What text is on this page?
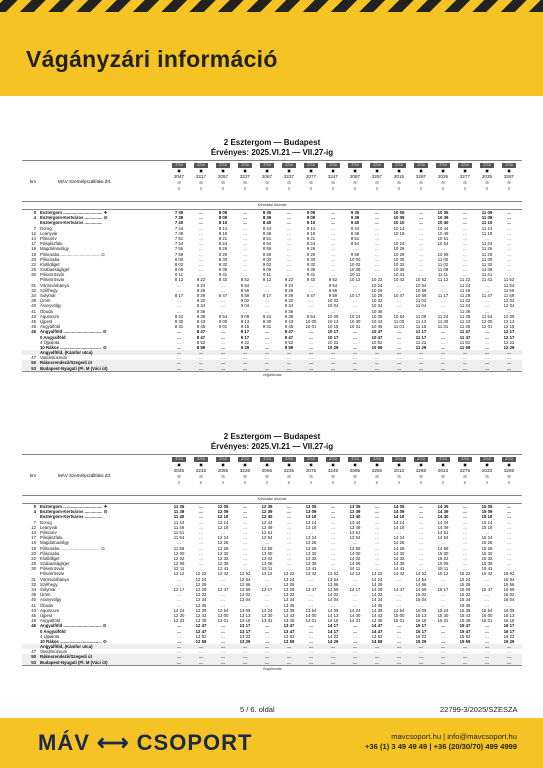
Vágányzári információ
2 Esztergom — Budapest
Érvényes: 2025.VI.21 — VII.27-ig
km	MÁV Személyszállítási Zrt.
2710
◼
2047
⊞
⚲
2710
◼
3217
⊞
⚲
2710
◼
2057
⊞
⚲
2710
◼
3227
⊞
⚲
2710
◼
2067
⊞
⚲
2710
◼
3237
⊞
⚲
2710
◼
2077
⊞
⚲
2710
◼
3247
⊞
⚲
2710
◼
2087
⊞
⚲
2710
◼
3257
⊞
⚲
2710
◼
2015
⊞
⚲
2710
◼
3267
⊞
⚲
2710
◼
2025
⊞
⚲
2710
◼
3277
⊞
⚲
2710
◼
2035
⊞
⚲
2710
◼
3287
⊞
⚲
Kiindulási állomás
0 Esztergom ................................. ✈	7 35	...	8 05	...	8 35	...	9 05	...	9 35	...	10 05	...	10 35	...	11 05	...
4 Esztergom-Kertváros ............... ⊙	7 39	...	8 09	...	8 39	...	9 09	...	9 39	...	10 09	...	10 39	...	11 09	...
Esztergom-Kertváros ...............	7 40	...	8 10	...	8 40	...	9 10	...	9 40	...	10 10	...	10 40	...	11 10	...
7 Dorog	7 44	...	8 14	...	8 44	...	9 14	...	9 44	...	10 14	...	10 44	...	11 14	...
12 Leányvár	7 49	...	8 19	...	8 49	...	9 19	...	9 49	...	10 19	...	10 49	...	11 19	...
14 Piliscsév	7 51	...	8 21	...	8 51	...	9 21	...	9 51	...	...	...	10 51	...	...	...
17 Pilisjászfalu	7 54	...	8 24	...	8 54	...	9 24	...	9 54	...	10 24	...	10 54	...	11 24	...
19 Magdolnavölgy	7 56	...	8 26	...	8 56	...	9 26	...	...	...	10 26	...	...	...	11 26	...
19 Piliscsaba ................................. ⊙	7 59	...	8 29	...	8 59	...	9 29	...	9 59	...	10 29	...	10 59	...	11 29	...
20 Piliscsaba	8 00	...	8 30	...	9 00	...	9 30	...	10 00	...	10 30	...	11 00	...	11 30	...
22 Klotildliget	8 02	...	8 32	...	9 02	...	9 32	...	10 02	...	10 32	...	11 02	...	11 32	...
25 Szabadságliget	8 09	...	8 39	...	9 09	...	9 39	...	10 09	...	10 39	...	11 09	...	11 39	...
30 Pilisvörösvár	8 11	...	8 41	...	9 11	...	9 41	...	10 11	...	10 41	...	11 11	...	11 41	...
Pilisvörösvár	8 12	8 22	8 42	8 52	9 12	9 22	9 42	9 52	10 12	10 22	10 42	10 52	11 12	11 22	11 42	11 52
31 Vörösvárbánya	...	8 24	...	8 54	...	9 24	...	9 54	...	10 24	...	10 54	...	11 24	...	11 54
32 Szélhegy	...	8 26	...	8 56	...	9 26	...	9 56	...	10 26	...	10 56	...	11 26	...	11 56
34 Solymár	8 17	8 29	8 47	8 59	9 17	9 29	9 47	9 59	10 17	10 29	10 47	10 59	11 17	11 29	11 47	11 59
39 Üröm	...	8 32	...	9 02	...	9 32	...	10 02	...	10 32	...	11 02	...	11 32	...	12 02
40 Aranyvölgy	...	8 34	...	9 04	...	9 34	...	10 04	...	10 34	...	11 04	...	11 34	...	12 04
41 Óbuda	...	8 36	...	...	...	9 36	...	...	...	10 36	...	...	...	11 36	...	...
43 Aquincum	8 24	8 39	8 54	9 09	9 24	9 39	9 54	10 09	10 24	10 39	10 54	11 09	11 24	11 39	11 54	12 09
45 Újpest	8 30	8 43	9 00	9 13	9 30	9 43	10 00	10 13	10 30	10 43	11 00	11 13	11 30	11 43	12 00	12 13
46 Angyalföld	8 31	8 45	9 01	9 15	9 31	9 45	10 01	10 15	10 31	10 45	11 01	11 15	11 31	11 45	12 01	12 15
46 Angyalföld ................................ ⊙	...	8 47	...	9 17	...	9 47	...	10 17	...	10 47	...	11 17	...	11 47	...	12 17
0 Angyalföld	...	8 47	...	9 17	...	9 47	...	10 17	...	10 47	...	11 17	...	11 47	...	12 17
4 Újpalota	...	8 52	...	9 22	...	9 52	...	10 22	...	10 52	...	11 22	...	11 52	...	12 22
10 Rákos ................................... ⊙	...	8 59	...	9 29	...	9 59	...	10 29	...	10 59	...	11 29	...	11 59	...	12 29
Angyalföld, (Kámfor utca)	...	...	...	...	...	...	...	...	...	...	...	...	...	...	...	...
47 Vasútmúzeum	...	...	...	...	...	...	...	...	...	...	...	...	...	...	...	...
50 Rákosrendező/Szegedi út	...	...	...	...	...	...	...	...	...	...	...	...	...	...	...	...
53 Budapest-Nyugati (Pl. M (Váci út)	...	...	...	...	...	...	...	...	...	...	...	...	...	...	...	...
Végállomás
2 Esztergom — Budapest
Érvényes: 2025.VI.21 — VII.27-ig
km	MÁV Személyszállítási Zrt.
2710
◼
2045
⊞
⚲
2710
◼
3215
⊞
⚲
2710
◼
2055
⊞
⚲
2710
◼
3225
⊞
⚲
2710
◼
2065
⊞
⚲
2710
◼
3235
⊞
⚲
2710
◼
2075
⊞
⚲
2710
◼
3245
⊞
⚲
2710
◼
2085
⊞
⚲
2710
◼
3255
⊞
⚲
2710
◼
2013
⊞
⚲
2710
◼
3265
⊞
⚲
2710
◼
2023
⊞
⚲
2710
◼
3275
⊞
⚲
2710
◼
2033
⊞
⚲
2710
◼
3285
⊞
⚲
Kiindulási állomás
0 Esztergom ................................. ✈	11 35	...	12 05	...	12 35	...	13 05	...	13 35	...	14 05	...	14 35	...	15 05	...
4 Esztergom-Kertváros ............... ⊙	11 39	...	12 09	...	12 39	...	13 09	...	13 39	...	14 09	...	14 39	...	15 09	...
Esztergom-Kertváros ...............	11 40	...	12 10	...	12 40	...	13 10	...	13 40	...	14 10	...	14 40	...	15 10	...
7 Dorog	11 44	...	12 14	...	12 44	...	13 14	...	13 44	...	14 14	...	14 44	...	15 14	...
12 Leányvár	11 49	...	12 19	...	12 49	...	13 19	...	13 49	...	14 19	...	14 49	...	15 19	...
14 Piliscsév	11 51	...	...	...	12 51	...	...	...	13 51	...	...	...	14 51	...	...	...
17 Pilisjászfalu	11 54	...	12 24	...	12 54	...	13 24	...	13 54	...	14 24	...	14 54	...	15 24	...
19 Magdolnavölgy	...	...	12 26	...	...	...	13 26	...	...	...	14 26	...	...	...	15 26	...
19 Piliscsaba ................................. ⊙	11 59	...	12 29	...	12 59	...	13 29	...	13 59	...	14 29	...	14 59	...	15 29	...
20 Piliscsaba	12 00	...	12 30	...	13 00	...	13 30	...	14 00	...	14 30	...	15 00	...	15 30	...
22 Klotildliget	12 02	...	12 32	...	13 02	...	13 32	...	14 02	...	14 32	...	15 02	...	15 32	...
25 Szabadságliget	12 09	...	12 38	...	13 09	...	13 38	...	14 09	...	14 38	...	15 09	...	15 38	...
30 Pilisvörösvár	12 11	...	12 41	...	13 11	...	13 41	...	14 11	...	14 41	...	15 11	...	15 41	...
Pilisvörösvár	12 12	12 22	12 42	12 52	13 12	13 22	13 42	13 52	14 12	14 22	14 42	14 52	15 12	15 22	15 42	15 52
31 Vörösvárbánya	...	12 24	...	12 54	...	13 24	...	13 54	...	14 24	...	14 54	...	15 24	...	15 54
32 Szélhegy	...	12 26	...	12 56	...	13 26	...	13 56	...	14 26	...	14 56	...	15 26	...	15 56
34 Solymár	12 17	12 29	12 47	12 59	13 17	13 29	13 47	13 59	14 17	14 29	14 47	14 59	15 17	15 29	15 47	15 59
39 Üröm	...	12 32	...	13 02	...	13 32	...	14 02	...	14 32	...	15 02	...	15 32	...	16 02
40 Aranyvölgy	...	12 34	...	13 04	...	13 34	...	14 04	...	14 34	...	15 04	...	15 34	...	16 04
41 Óbuda	...	12 36	...	...	...	13 36	...	...	...	14 36	...	...	...	15 36	...	...
43 Aquincum	12 24	12 39	12 54	13 09	13 24	13 39	13 54	14 09	14 24	14 39	14 54	15 09	15 24	15 39	15 54	16 09
45 Újpest	12 30	12 43	13 00	13 13	13 30	13 43	14 00	14 13	14 30	14 43	15 00	15 13	15 30	15 43	16 00	16 13
46 Angyalföld	12 31	12 45	13 01	13 15	13 31	13 45	14 01	14 15	14 31	14 45	15 01	15 15	15 31	15 45	16 01	16 15
46 Angyalföld ................................ ⊙	...	12 47	...	13 17	...	13 47	...	14 17	...	14 47	...	15 17	...	15 47	...	16 17
0 Angyalföld	...	12 47	...	13 17	...	13 47	...	14 17	...	14 47	...	15 17	...	15 47	...	16 17
4 Újpalota	...	12 52	...	13 22	...	13 52	...	14 22	...	14 52	...	15 22	...	15 52	...	16 22
10 Rákos ................................... ⊙	...	12 59	...	13 29	...	13 59	...	14 29	...	14 59	...	15 29	...	15 59	...	16 29
Angyalföld, (Kámfor utca)	...	...	...	...	...	...	...	...	...	...	...	...	...	...	...	...
47 Vasútmúzeum	...	...	...	...	...	...	...	...	...	...	...	...	...	...	...	...
50 Rákosrendező/Szegedi út	...	...	...	...	...	...	...	...	...	...	...	...	...	...	...	...
53 Budapest-Nyugati (Pl. M (Váci út)	...	...	...	...	...	...	...	...	...	...	...	...	...	...	...	...
Végállomás
5 / 6. oldal	22799-3/2025/SZESZA
MÁV ⟷ CSOPORT	mavcsoport.hu | info@mavcsoport.hu
+36 (1) 3 49 49 49 | +36 (20/30/70) 499 4999
